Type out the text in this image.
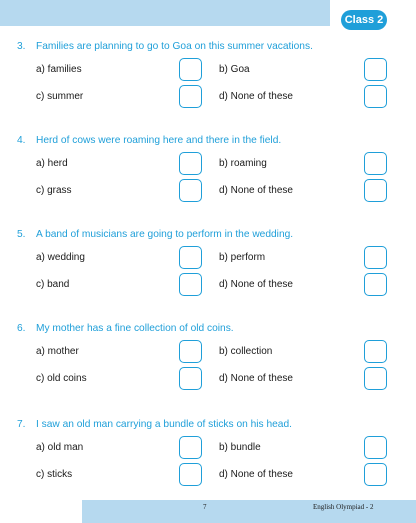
Class 2
3. Families are planning to go to Goa on this summer vacations.
a) families	b) Goa
c) summer	d) None of these
4. Herd of cows were roaming here and there in the field.
a) herd	b) roaming
c) grass	d) None of these
5. A band of musicians are going to perform in the wedding.
a) wedding	b) perform
c) band	d) None of these
6. My mother has a fine collection of old coins.
a) mother	b) collection
c) old coins	d) None of these
7. I saw an old man carrying a bundle of sticks on his head.
a) old man	b) bundle
c) sticks	d) None of these
7	English Olympiad - 2
